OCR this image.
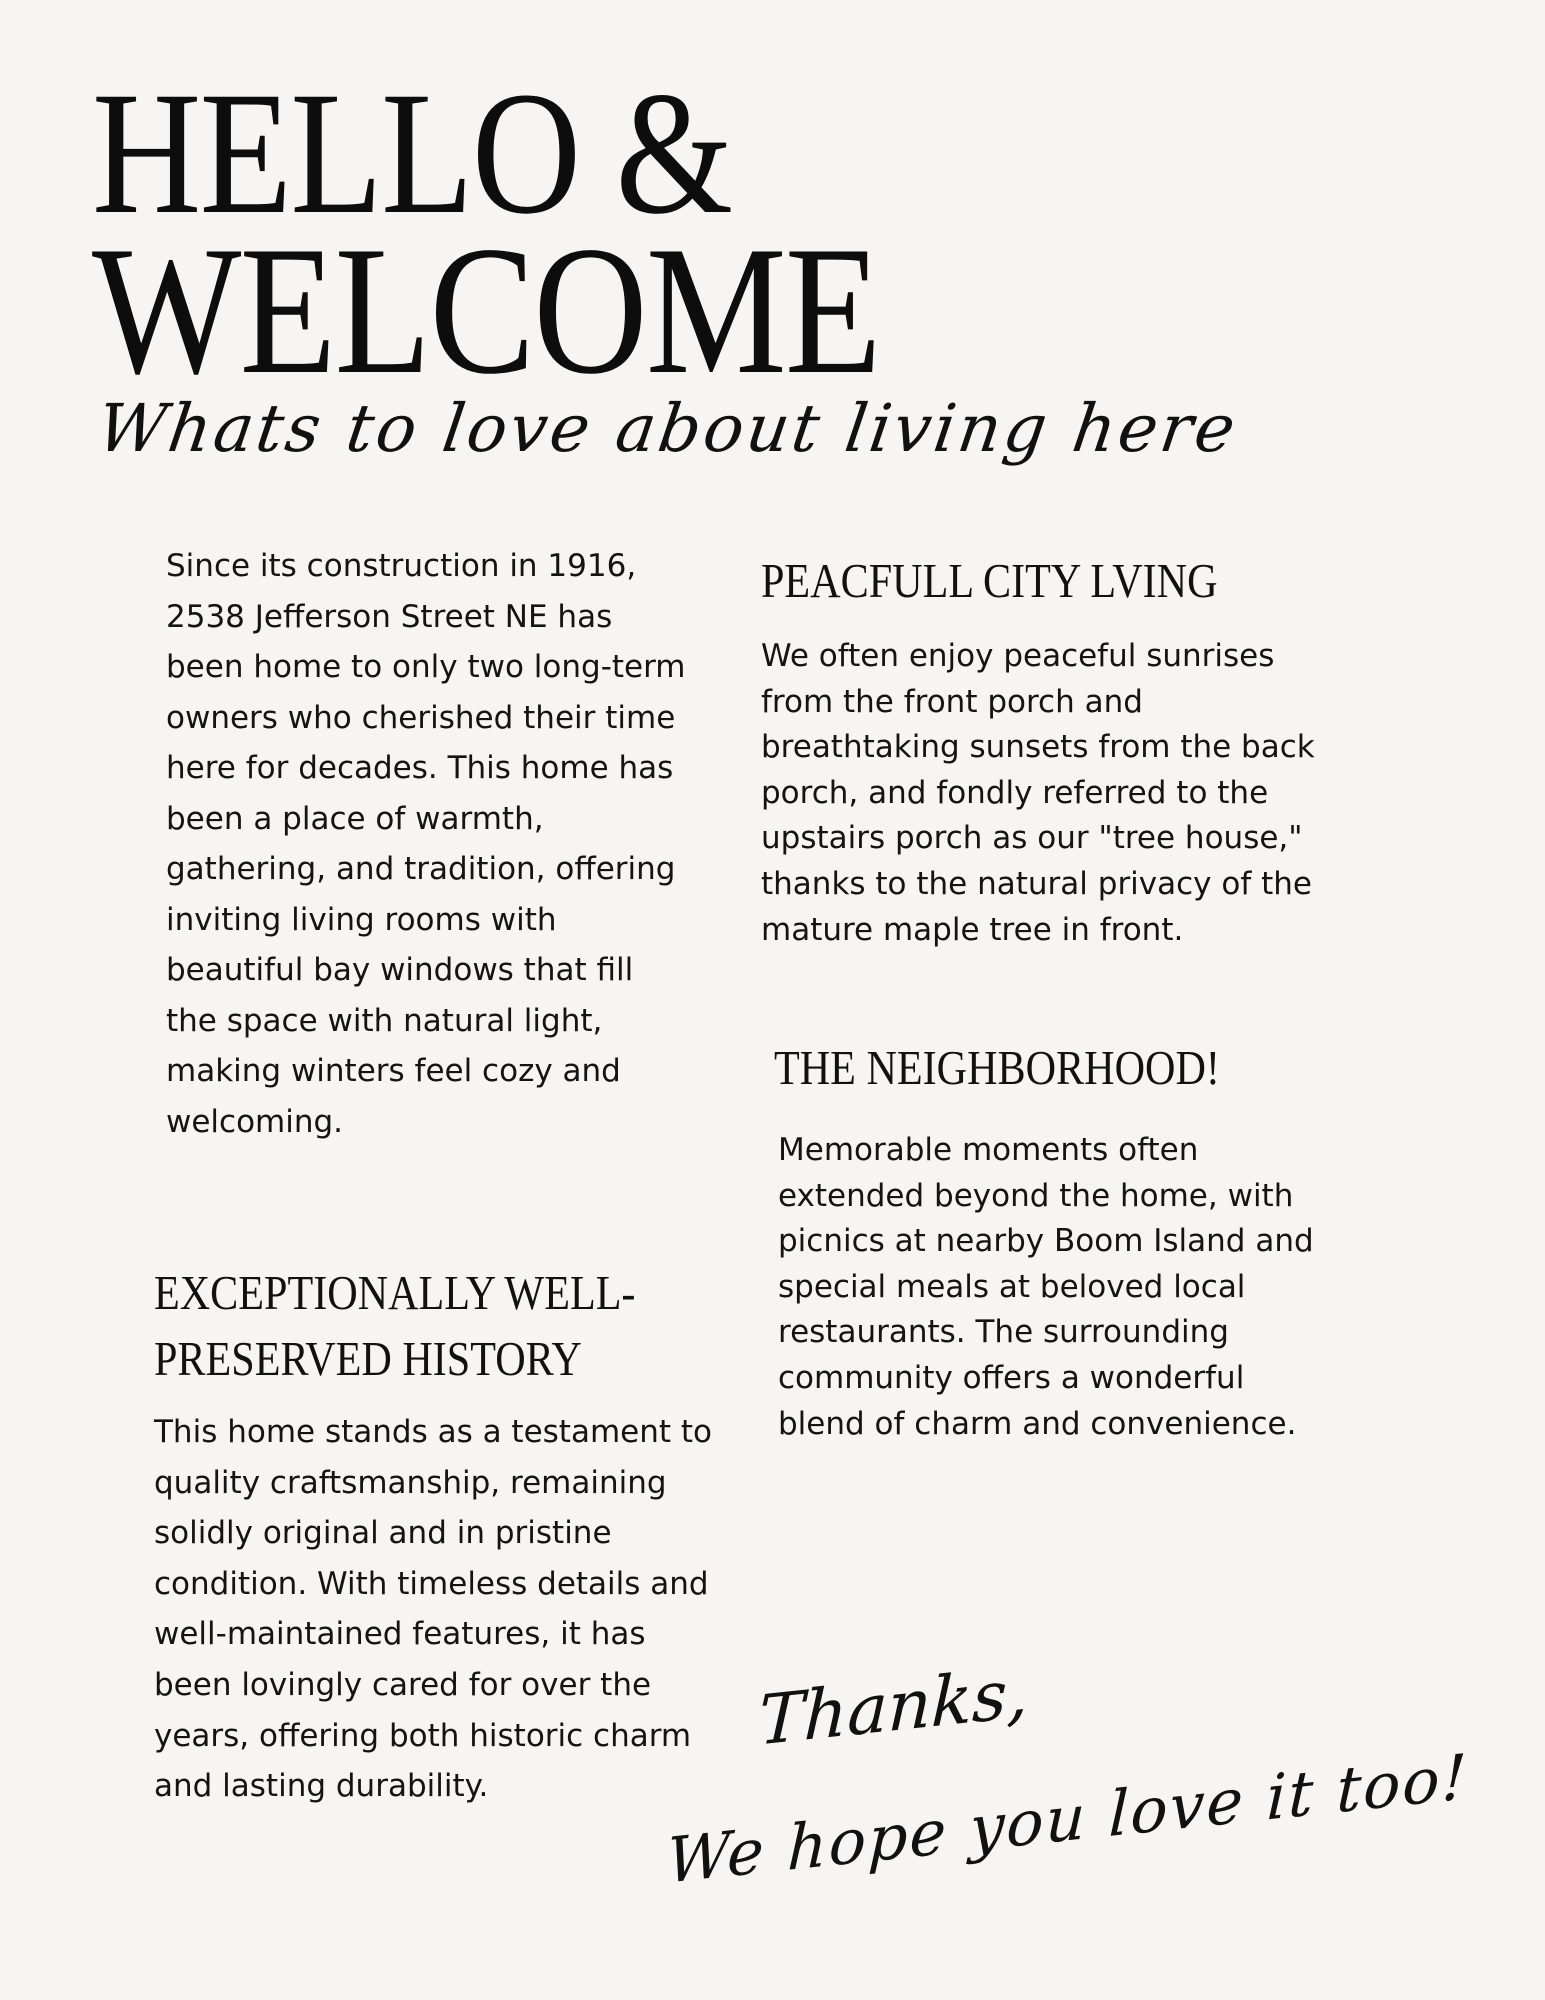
HELLO &
WELCOME
Whats to love about living here

Since its construction in 1916, 2538 Jefferson Street NE has been home to only two long-term owners who cherished their time here for decades. This home has been a place of warmth, gathering, and tradition, offering inviting living rooms with beautiful bay windows that fill the space with natural light, making winters feel cozy and welcoming.

EXCEPTIONALLY WELL-
PRESERVED HISTORY

This home stands as a testament to quality craftsmanship, remaining solidly original and in pristine condition. With timeless details and well-maintained features, it has been lovingly cared for over the years, offering both historic charm and lasting durability.

PEACFULL CITY LVING

We often enjoy peaceful sunrises from the front porch and breathtaking sunsets from the back porch, and fondly referred to the upstairs porch as our "tree house," thanks to the natural privacy of the mature maple tree in front.

THE NEIGHBORHOOD!

Memorable moments often extended beyond the home, with picnics at nearby Boom Island and special meals at beloved local restaurants. The surrounding community offers a wonderful blend of charm and convenience.

Thanks,
We hope you love it too!
